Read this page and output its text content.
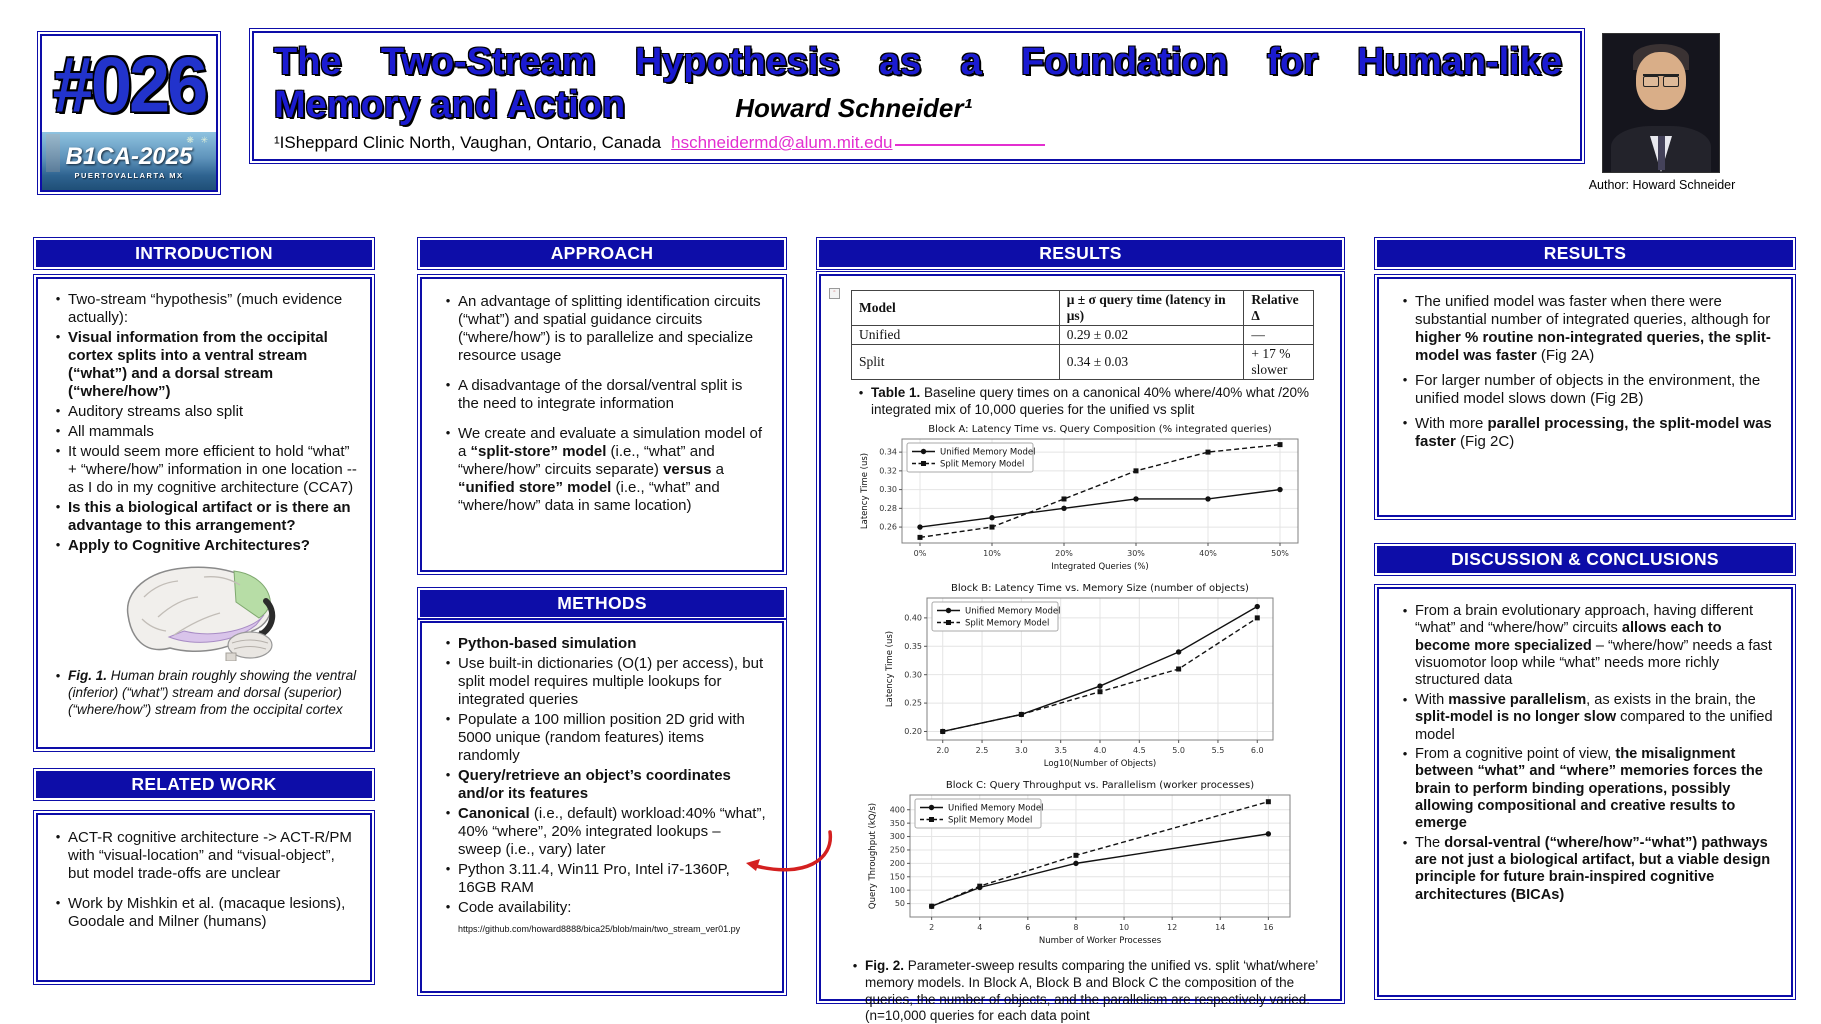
#026
❋ ✳
B1CA-2025
PUERTOVALLARTA MX
The Two-Stream Hypothesis as a Foundation for Human-like
Memory and Action	Howard Schneider¹
¹ISheppard Clinic North, Vaughan, Ontario, Canada hschneidermd@alum.mit.edu
Author: Howard Schneider
INTRODUCTION
• Two-stream “hypothesis” (much evidence actually):
• Visual information from the occipital cortex splits into a ventral stream (“what”) and a dorsal stream (“where/how”)
• Auditory streams also split
• All mammals
• It would seem more efficient to hold “what” + “where/how” information in one location --as I do in my cognitive architecture (CCA7)
• Is this a biological artifact or is there an advantage to this arrangement?
• Apply to Cognitive Architectures?
• Fig. 1. Human brain roughly showing the ventral (inferior) (“what”) stream and dorsal (superior) (“where/how”) stream from the occipital cortex
RELATED WORK
• ACT-R cognitive architecture -> ACT-R/PM with “visual-location” and “visual-object”, but model trade-offs are unclear
• Work by Mishkin et al. (macaque lesions), Goodale and Milner (humans)
APPROACH
• An advantage of splitting identification circuits (“what”) and spatial guidance circuits (“where/how”) is to parallelize and specialize resource usage
• A disadvantage of the dorsal/ventral split is the need to integrate information
• We create and evaluate a simulation model of a “split-store” model (i.e., “what” and “where/how” circuits separate) versus a “unified store” model (i.e., “what” and “where/how” data in same location)
METHODS
• Python-based simulation
• Use built-in dictionaries (O(1) per access), but split model requires multiple lookups for integrated queries
• Populate a 100 million position 2D grid with 5000 unique (random features) items randomly
• Query/retrieve an object’s coordinates and/or its features
• Canonical (i.e., default) workload:40% “what”, 40% “where”, 20% integrated lookups – sweep (i.e., vary) later
• Python 3.11.4, Win11 Pro, Intel i7-1360P, 16GB RAM
• Code availability:
https://github.com/howard8888/bica25/blob/main/two_stream_ver01.py
RESULTS
▫
Model	μ ± σ query time (latency in μs)	Relative Δ
Unified	0.29 ± 0.02	—
Split	0.34 ± 0.03	+ 17 % slower
• Table 1. Baseline query times on a canonical 40% where/40% what /20% integrated mix of 10,000 queries for the unified vs split
0%	10%	20%	30%	40%	50%
0.26
0.28
0.30
0.32
0.34
Block A: Latency Time vs. Query Composition (% integrated queries)
Integrated Queries (%)
Latency Time (us)
Unified Memory Model
Split Memory Model
2.0	2.5	3.0	3.5	4.0	4.5	5.0	5.5	6.0
0.20
0.25
0.30
0.35
0.40
Block B: Latency Time vs. Memory Size (number of objects)
Log10(Number of Objects)
Latency Time (us)
Unified Memory Model
Split Memory Model
2	4	6	8	10	12	14	16
50
100
150
200
250
300
350
400
Block C: Query Throughput vs. Parallelism (worker processes)
Number of Worker Processes
Query Throughput (kQ/s)	Unified Memory Model
Split Memory Model
• Fig. 2. Parameter-sweep results comparing the unified vs. split ‘what/where’ memory models. In Block A, Block B and Block C the composition of the queries, the number of objects, and the parallelism are respectively varied. (n=10,000 queries for each data point
RESULTS
• The unified model was faster when there were substantial number of integrated queries, although for higher % routine non-integrated queries, the split-model was faster (Fig 2A)
• For larger number of objects in the environment, the unified model slows down (Fig 2B)
• With more parallel processing, the split-model was faster (Fig 2C)
DISCUSSION & CONCLUSIONS
• From a brain evolutionary approach, having different “what” and “where/how” circuits allows each to become more specialized – “where/how” needs a fast visuomotor loop while “what” needs more richly structured data
• With massive parallelism, as exists in the brain, the split-model is no longer slow compared to the unified model
• From a cognitive point of view, the misalignment between “what” and “where” memories forces the brain to perform binding operations, possibly allowing compositional and creative results to emerge
• The dorsal-ventral (“where/how”-“what”) pathways are not just a biological artifact, but a viable design principle for future brain-inspired cognitive architectures (BICAs)
